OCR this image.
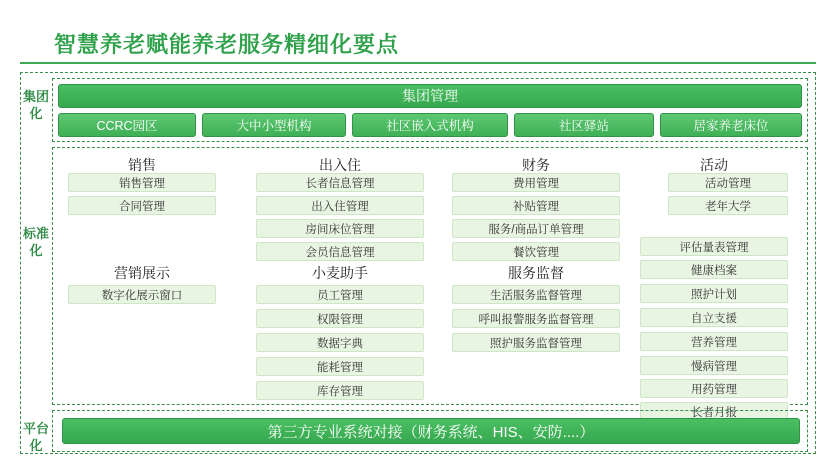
智慧养老赋能养老服务精细化要点
集团化
标准化
平台化
集团管理
CCRC园区	大中小型机构	社区嵌入式机构	社区驿站	居家养老床位
销售
销售管理
合同管理
营销展示
数字化展示窗口
出入住
长者信息管理
出入住管理
房间床位管理
会员信息管理
小麦助手
员工管理
权限管理
数据字典
能耗管理
库存管理
财务
费用管理
补贴管理
服务/商品订单管理
餐饮管理
服务监督
生活服务监督管理
呼叫报警服务监督管理
照护服务监督管理
活动
活动管理
老年大学
评估量表管理
健康档案
照护计划
自立支援
营养管理
慢病管理
用药管理
长者月报
第三方专业系统对接（财务系统、HIS、安防....）
